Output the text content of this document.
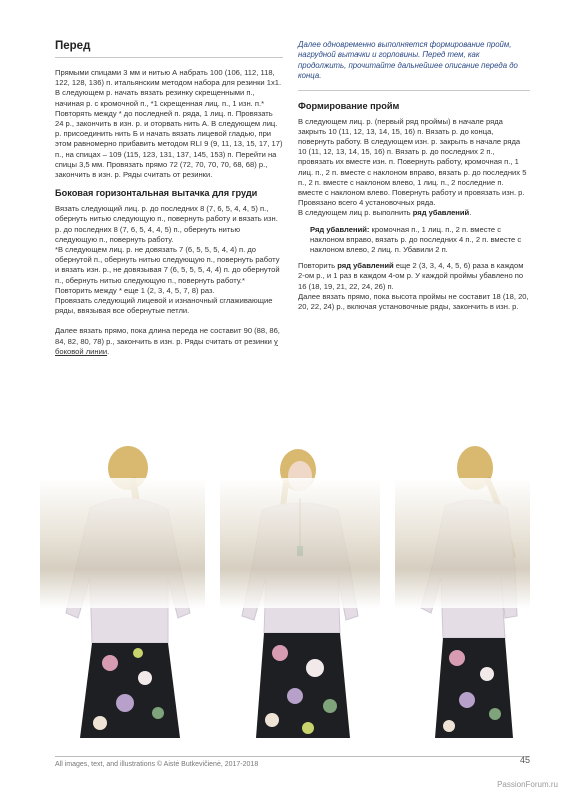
Перед

Прямыми спицами 3 мм и нитью А набрать 100 (106, 112, 118, 122, 128, 136) п. итальянским методом набора для резинки 1х1. В следующем р. начать вязать резинку скрещенными п., начиная р. с кромочной п., *1 скрещенная лиц. п., 1 изн. п.* Повторять между * до последней п. ряда, 1 лиц. п. Провязать 24 р., закончить в изн. р. и оторвать нить А. В следующем лиц. р. присоединить нить Б и начать вязать лицевой гладью, при этом равномерно прибавить методом RLI 9 (9, 11, 13, 15, 17, 17) п., на спицах – 109 (115, 123, 131, 137, 145, 153) п. Перейти на спицы 3,5 мм. Провязать прямо 72 (72, 70, 70, 70, 68, 68) р., закончить в изн. р. Ряды считать от резинки.

Боковая горизонтальная вытачка для груди

Вязать следующий лиц. р. до последних 8 (7, 6, 5, 4, 4, 5) п., обернуть нитью следующую п., повернуть работу и вязать изн. р. до последних 8 (7, 6, 5, 4, 4, 5) п., обернуть нитью следующую п., повернуть работу.

*В следующем лиц. р. не довязать 7 (6, 5, 5, 5, 4, 4) п. до обернутой п., обернуть нитью следующую п., повернуть работу и вязать изн. р., не довязывая 7 (6, 5, 5, 5, 4, 4) п. до обернутой п., обернуть нитью следующую п., повернуть работу.* Повторить между * еще 1 (2, 3, 4, 5, 7, 8) раз.

Провязать следующий лицевой и изнаночный сглаживающие ряды, ввязывая все обернутые петли.

Далее вязать прямо, пока длина переда не составит 90 (88, 86, 84, 82, 80, 78) р., закончить в изн. р. Ряды считать от резинки у боковой линии.

Далее одновременно выполняется формирование пройм, нагрудной вытачки и горловины. Перед тем, как продолжить, прочитайте дальнейшее описание переда до конца.
Формирование пройм

В следующем лиц. р. (первый ряд проймы) в начале ряда закрыть 10 (11, 12, 13, 14, 15, 16) п. Вязать р. до конца, повернуть работу. В следующем изн. р. закрыть в начале ряда 10 (11, 12, 13, 14, 15, 16) п. Вязать р. до последних 2 п., провязать их вместе изн. п. Повернуть работу, кромочная п., 1 лиц. п., 2 п. вместе с наклоном вправо, вязать р. до последних 5 п., 2 п. вместе с наклоном влево, 1 лиц. п., 2 последние п. вместе с наклоном влево. Повернуть работу и провязать изн. р. Провязано всего 4 установочных ряда.

В следующем лиц р. выполнить ряд убавлений.

Ряд убавлений: кромочная п., 1 лиц. п., 2 п. вместе с наклоном вправо, вязать р. до последних 4 п., 2 п. вместе с наклоном влево, 2 лиц. п. Убавили 2 п.

Повторить ряд убавлений еще 2 (3, 3, 4, 4, 5, 6) раза в каждом 2-ом р., и 1 раз в каждом 4-ом р. У каждой проймы убавлено по 16 (18, 19, 21, 22, 24, 26) п.

Далее вязать прямо, пока высота проймы не составит 18 (18, 20, 20, 22, 24) р., включая установочные ряды, закончить в изн. р.

All images, text, and illustrations © Aistė Butkevičienė, 2017-2018	45
PassionForum.ru
